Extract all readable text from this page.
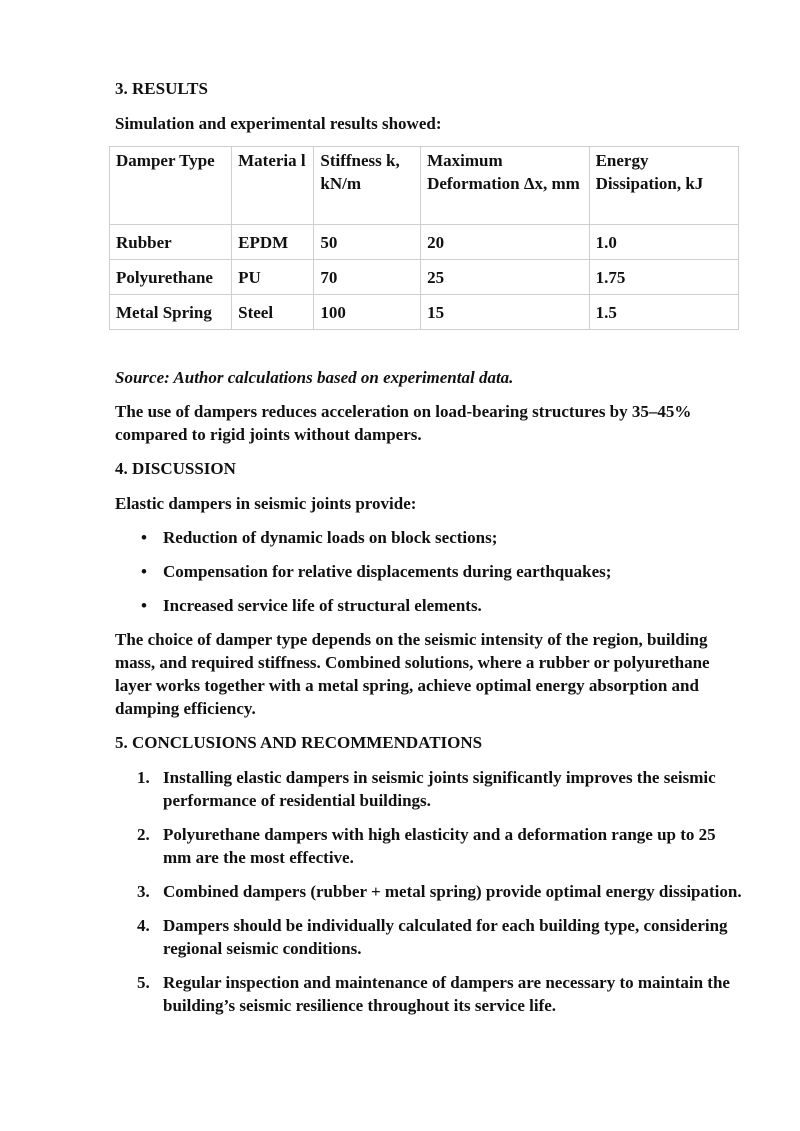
3. RESULTS

Simulation and experimental results showed:

Damper Type	Materia l	Stiffness k, kN/m	Maximum Deformation Δx, mm	Energy Dissipation, kJ
Rubber	EPDM	50	20	1.0
Polyurethane	PU	70	25	1.75
Metal Spring	Steel	100	15	1.5

Source: Author calculations based on experimental data.

The use of dampers reduces acceleration on load-bearing structures by 35–45% compared to rigid joints without dampers.

4. DISCUSSION

Elastic dampers in seismic joints provide:

• Reduction of dynamic loads on block sections;
• Compensation for relative displacements during earthquakes;
• Increased service life of structural elements.

The choice of damper type depends on the seismic intensity of the region, building mass, and required stiffness. Combined solutions, where a rubber or polyurethane layer works together with a metal spring, achieve optimal energy absorption and damping efficiency.

5. CONCLUSIONS AND RECOMMENDATIONS
1. Installing elastic dampers in seismic joints significantly improves the seismic performance of residential buildings.
2. Polyurethane dampers with high elasticity and a deformation range up to 25 mm are the most effective.
3. Combined dampers (rubber + metal spring) provide optimal energy dissipation.
4. Dampers should be individually calculated for each building type, considering regional seismic conditions.
5. Regular inspection and maintenance of dampers are necessary to maintain the building’s seismic resilience throughout its service life.
